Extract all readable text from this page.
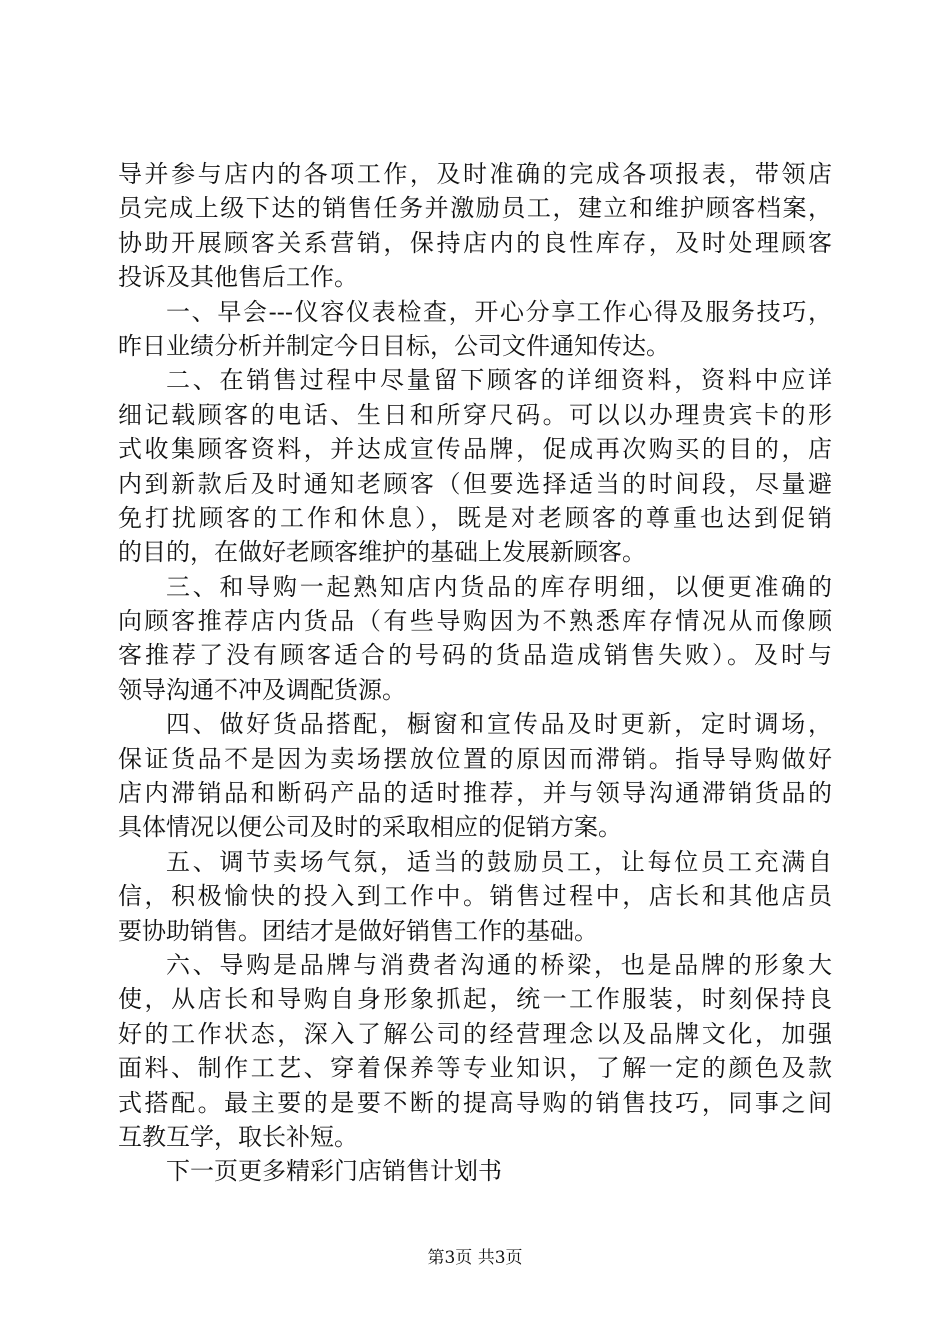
导并参与店内的各项工作，及时准确的完成各项报表，带领店
员完成上级下达的销售任务并激励员工，建立和维护顾客档案，
协助开展顾客关系营销，保持店内的良性库存，及时处理顾客
投诉及其他售后工作。
一、早会---仪容仪表检查，开心分享工作心得及服务技巧，
昨日业绩分析并制定今日目标，公司文件通知传达。
二、在销售过程中尽量留下顾客的详细资料，资料中应详
细记载顾客的电话、生日和所穿尺码。可以以办理贵宾卡的形
式收集顾客资料，并达成宣传品牌，促成再次购买的目的，店
内到新款后及时通知老顾客（但要选择适当的时间段，尽量避
免打扰顾客的工作和休息），既是对老顾客的尊重也达到促销
的目的，在做好老顾客维护的基础上发展新顾客。
三、和导购一起熟知店内货品的库存明细，以便更准确的
向顾客推荐店内货品（有些导购因为不熟悉库存情况从而像顾
客推荐了没有顾客适合的号码的货品造成销售失败）。及时与
领导沟通不冲及调配货源。
四、做好货品搭配，橱窗和宣传品及时更新，定时调场，
保证货品不是因为卖场摆放位置的原因而滞销。指导导购做好
店内滞销品和断码产品的适时推荐，并与领导沟通滞销货品的
具体情况以便公司及时的采取相应的促销方案。
五、调节卖场气氛，适当的鼓励员工，让每位员工充满自
信，积极愉快的投入到工作中。销售过程中，店长和其他店员
要协助销售。团结才是做好销售工作的基础。
六、导购是品牌与消费者沟通的桥梁，也是品牌的形象大
使，从店长和导购自身形象抓起，统一工作服装，时刻保持良
好的工作状态，深入了解公司的经营理念以及品牌文化，加强
面料、制作工艺、穿着保养等专业知识，了解一定的颜色及款
式搭配。最主要的是要不断的提高导购的销售技巧，同事之间
互教互学，取长补短。
下一页更多精彩门店销售计划书
第3页 共3页
